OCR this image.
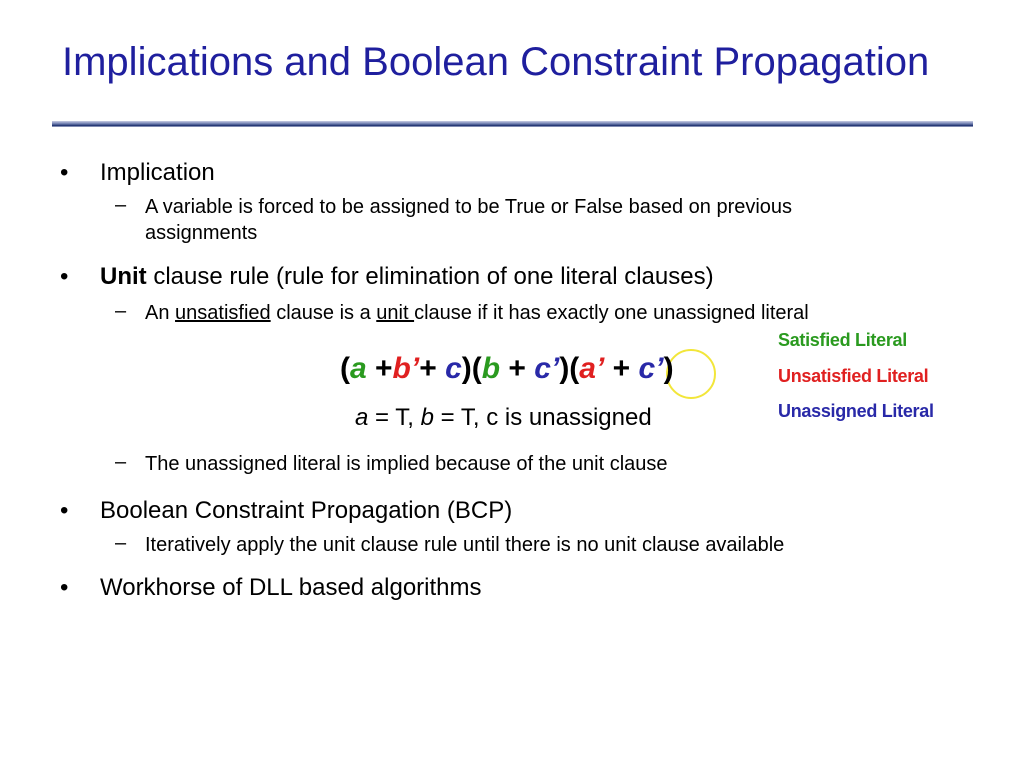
Implications and Boolean Constraint Propagation
• Implication
– A variable is forced to be assigned to be True or False based on previous
assignments
• Unit clause rule (rule for elimination of one literal clauses)
– An unsatisfied clause is a unit clause if it has exactly one unassigned literal
Satisfied Literal
Unsatisfied Literal
Unassigned Literal
(a +b’+ c)(b + c’)(a’ + c’)
a = T, b = T, c is unassigned
– The unassigned literal is implied because of the unit clause
• Boolean Constraint Propagation (BCP)
– Iteratively apply the unit clause rule until there is no unit clause available
• Workhorse of DLL based algorithms
